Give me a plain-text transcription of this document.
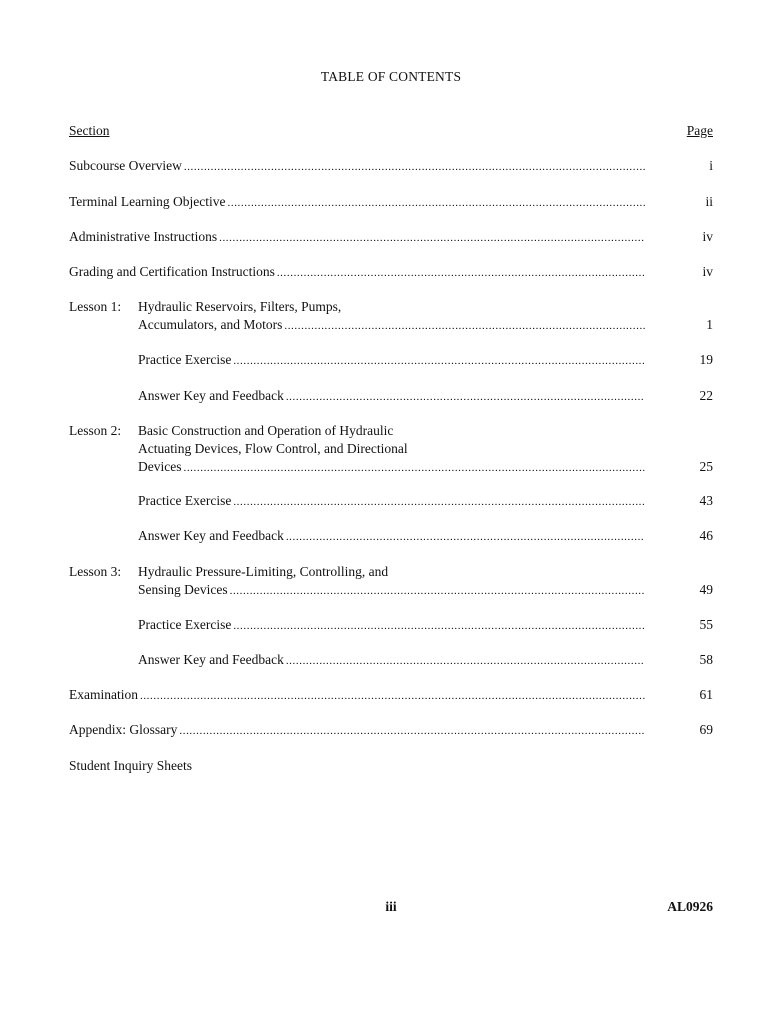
TABLE OF CONTENTS
Section	Page
Subcourse Overview .....	i
Terminal Learning Objective .....	ii
Administrative Instructions .....	iv
Grading and Certification Instructions .....	iv
Lesson 1:	Hydraulic Reservoirs, Filters, Pumps,
Accumulators, and Motors .....	1
Practice Exercise .....	19
Answer Key and Feedback .....	22
Lesson 2:	Basic Construction and Operation of Hydraulic
Actuating Devices, Flow Control, and Directional
Devices .....	25
Practice Exercise .....	43
Answer Key and Feedback .....	46
Lesson 3:	Hydraulic Pressure-Limiting, Controlling, and
Sensing Devices .....	49
Practice Exercise .....	55
Answer Key and Feedback .....	58
Examination .....	61
Appendix: Glossary .....	69
Student Inquiry Sheets
iii	AL0926
